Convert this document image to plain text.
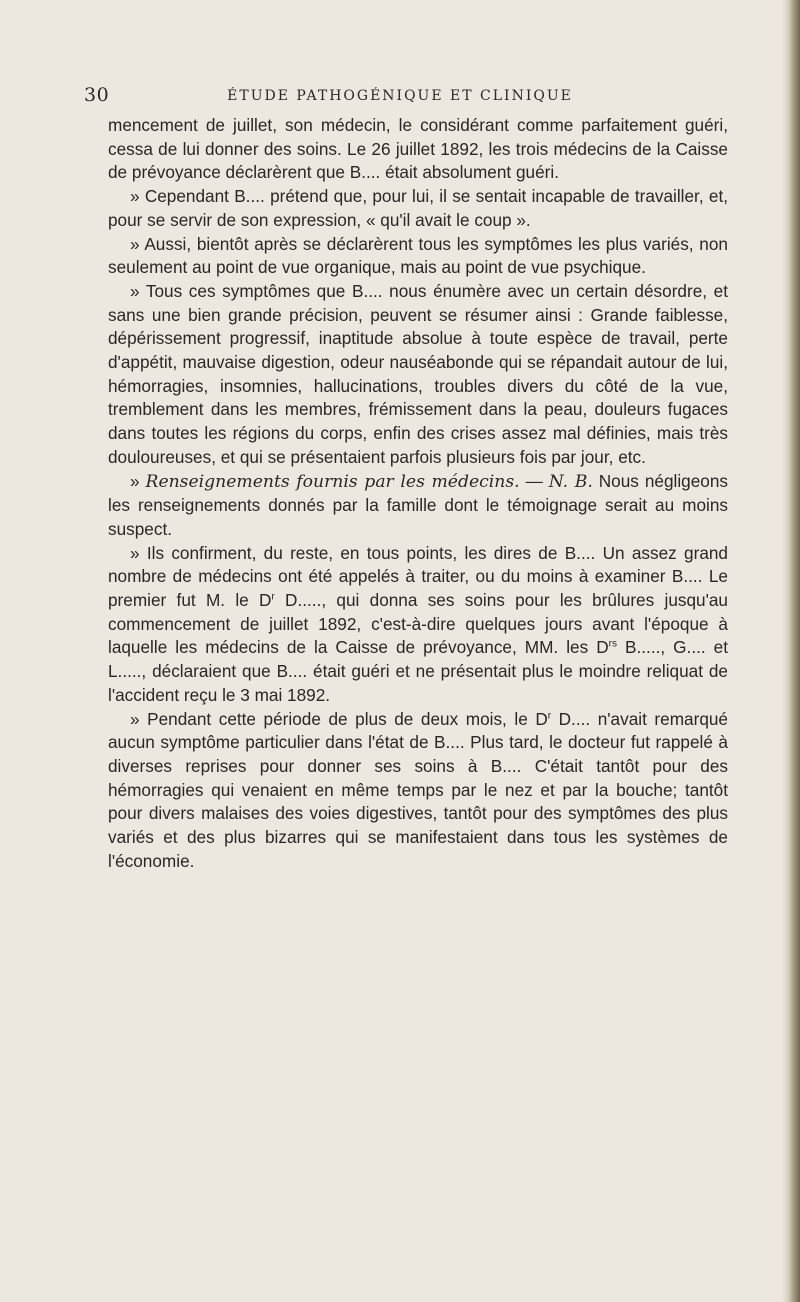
30	ÉTUDE PATHOGÉNIQUE ET CLINIQUE

mencement de juillet, son médecin, le considérant comme parfaitement guéri, cessa de lui donner des soins. Le 26 juillet 1892, les trois médecins de la Caisse de prévoyance déclarèrent que B.... était absolument guéri.

» Cependant B.... prétend que, pour lui, il se sentait incapable de travailler, et, pour se servir de son expression, « qu'il avait le coup ».

» Aussi, bientôt après se déclarèrent tous les symptômes les plus variés, non seulement au point de vue organique, mais au point de vue psychique.

» Tous ces symptômes que B.... nous énumère avec un certain désordre, et sans une bien grande précision, peuvent se résumer ainsi : Grande faiblesse, dépérissement progressif, inaptitude absolue à toute espèce de travail, perte d'appétit, mauvaise digestion, odeur nauséabonde qui se répandait autour de lui, hémorragies, insomnies, hallucinations, troubles divers du côté de la vue, tremblement dans les membres, frémissement dans la peau, douleurs fugaces dans toutes les régions du corps, enfin des crises assez mal définies, mais très douloureuses, et qui se présentaient parfois plusieurs fois par jour, etc.

» Renseignements fournis par les médecins. — N. B. Nous négligeons les renseignements donnés par la famille dont le témoignage serait au moins suspect.

» Ils confirment, du reste, en tous points, les dires de B.... Un assez grand nombre de médecins ont été appelés à traiter, ou du moins à examiner B.... Le premier fut M. le $D^r$ D....., qui donna ses soins pour les brûlures jusqu'au commencement de juillet 1892, c'est-à-dire quelques jours avant l'époque à laquelle les médecins de la Caisse de prévoyance, MM. les $D^{rs}$ B....., G.... et L....., déclaraient que B.... était guéri et ne présentait plus le moindre reliquat de l'accident reçu le 3 mai 1892.

» Pendant cette période de plus de deux mois, le $D^r$ D.... n'avait remarqué aucun symptôme particulier dans l'état de B.... Plus tard, le docteur fut rappelé à diverses reprises pour donner ses soins à B.... C'était tantôt pour des hémorragies qui venaient en même temps par le nez et par la bouche; tantôt pour divers malaises des voies digestives, tantôt pour des symptômes des plus variés et des plus bizarres qui se manifestaient dans tous les systèmes de l'économie.
